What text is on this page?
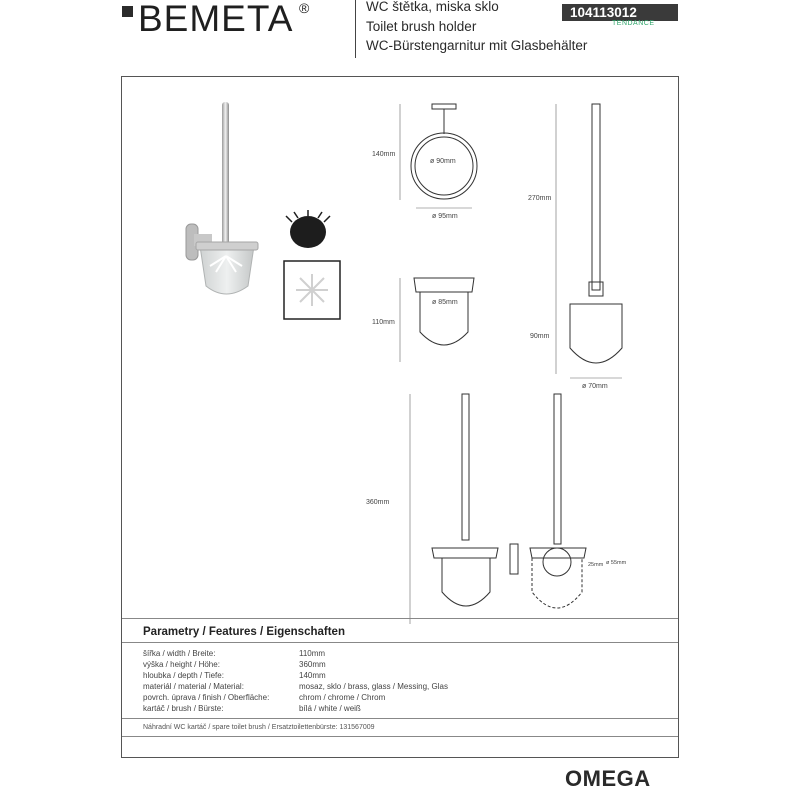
BEMETA ®	WC štětka, miska sklo
Toilet brush holder
WC-Bürstengarnitur mit Glasbehälter
104113012
TENDANCE
140mm
ø 90mm
ø 95mm
110mm
ø 85mm
270mm
90mm
ø 70mm
360mm
25mm ø 55mm
Parametry / Features / Eigenschaften
šířka / width / Breite:	110mm
výška / height / Höhe:	360mm
hloubka / depth / Tiefe:	140mm
materiál / material / Material:	mosaz, sklo / brass, glass / Messing, Glas
povrch. úprava / finish / Oberfläche:	chrom / chrome / Chrom
kartáč / brush / Bürste:	bílá / white / weiß
Náhradní WC kartáč / spare toilet brush / Ersatztoilettenbürste: 131567009
OMEGA
